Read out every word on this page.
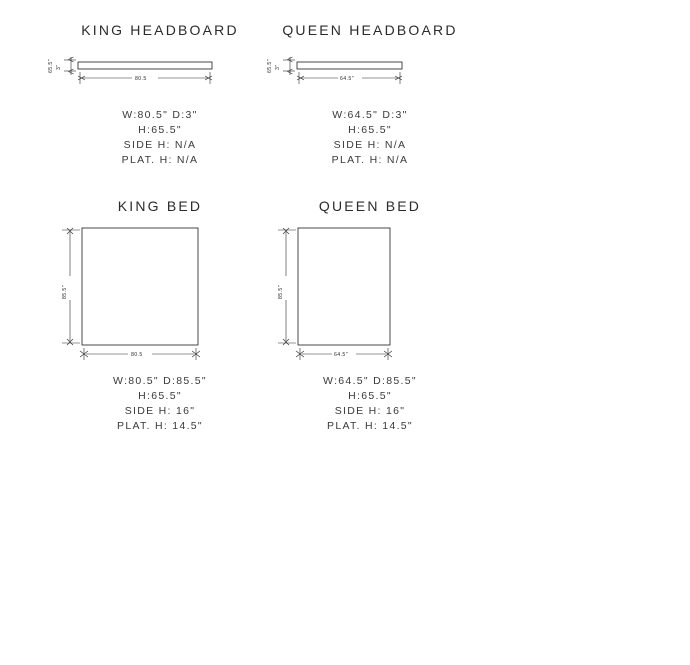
KING HEADBOARD
3"
65.5"
80.5
W:80.5" D:3"
H:65.5"
SIDE H: N/A
PLAT. H: N/A
QUEEN HEADBOARD
3"
65.5"
64.5"
W:64.5" D:3"
H:65.5"
SIDE H: N/A
PLAT. H: N/A
KING BED
85.5"
80.5
W:80.5" D:85.5"
H:65.5"
SIDE H: 16"
PLAT. H: 14.5"
QUEEN BED
85.5"
64.5"
W:64.5" D:85.5"
H:65.5"
SIDE H: 16"
PLAT. H: 14.5"
